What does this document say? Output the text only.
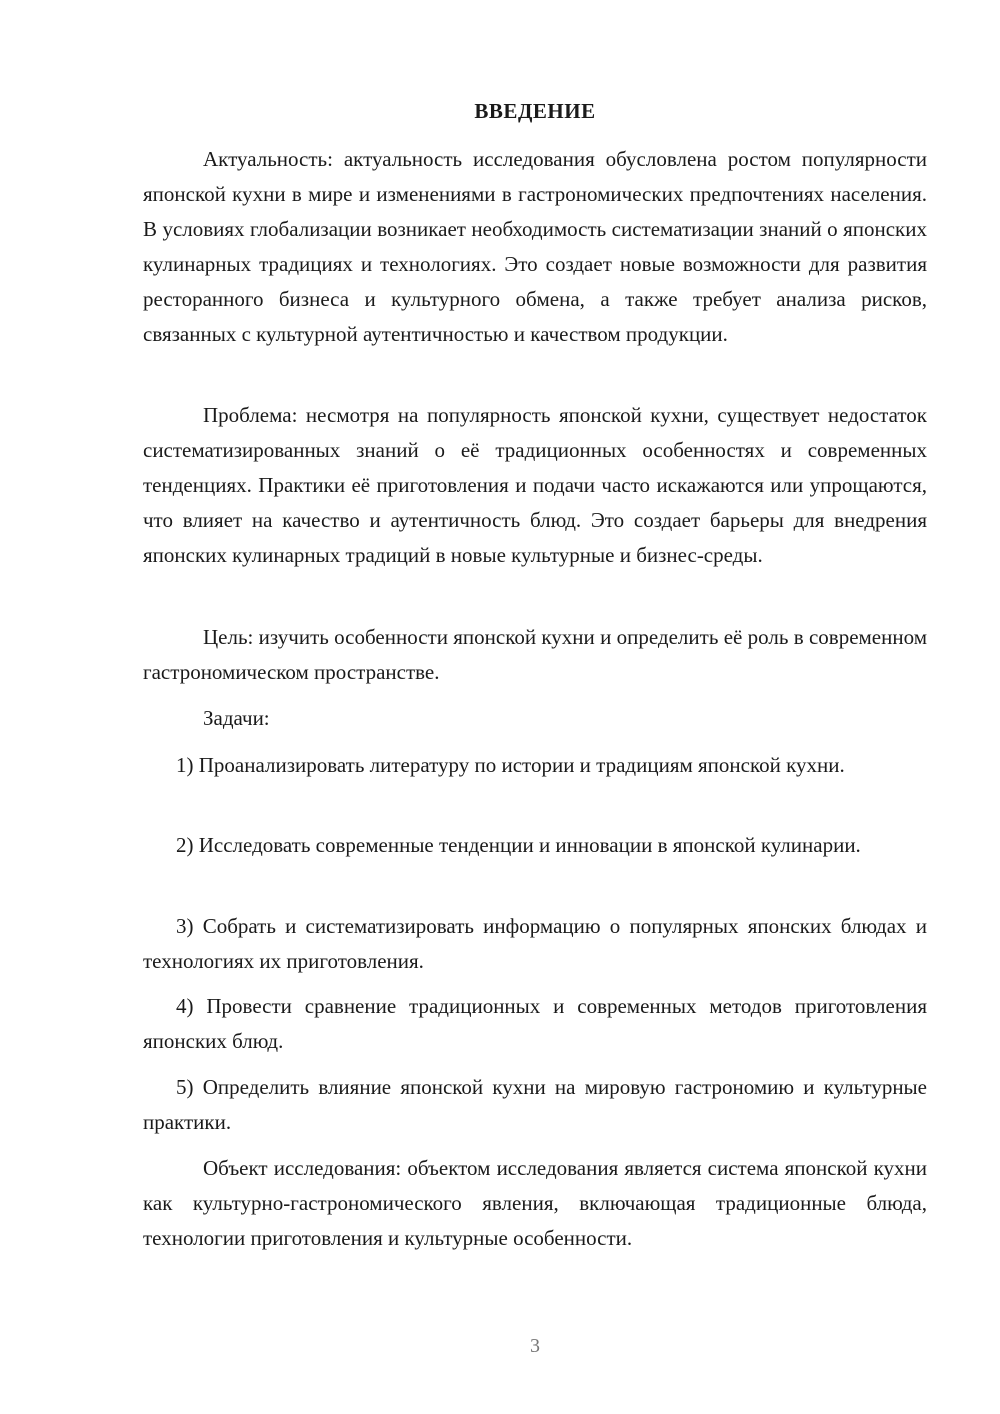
ВВЕДЕНИЕ

Актуальность: актуальность исследования обусловлена ростом популярности японской кухни в мире и изменениями в гастрономических предпочтениях населения. В условиях глобализации возникает необходимость систематизации знаний о японских кулинарных традициях и технологиях. Это создает новые возможности для развития ресторанного бизнеса и культурного обмена, а также требует анализа рисков, связанных с культурной аутентичностью и качеством продукции.

Проблема: несмотря на популярность японской кухни, существует недостаток систематизированных знаний о её традиционных особенностях и современных тенденциях. Практики её приготовления и подачи часто искажаются или упрощаются, что влияет на качество и аутентичность блюд. Это создает барьеры для внедрения японских кулинарных традиций в новые культурные и бизнес-среды.

Цель: изучить особенности японской кухни и определить её роль в современном гастрономическом пространстве.

Задачи:

1) Проанализировать литературу по истории и традициям японской кухни.

2) Исследовать современные тенденции и инновации в японской кулинарии.

3) Собрать и систематизировать информацию о популярных японских блюдах и технологиях их приготовления.

4) Провести сравнение традиционных и современных методов приготовления японских блюд.

5) Определить влияние японской кухни на мировую гастрономию и культурные практики.

Объект исследования: объектом исследования является система японской кухни как культурно-гастрономического явления, включающая традиционные блюда, технологии приготовления и культурные особенности.

3
